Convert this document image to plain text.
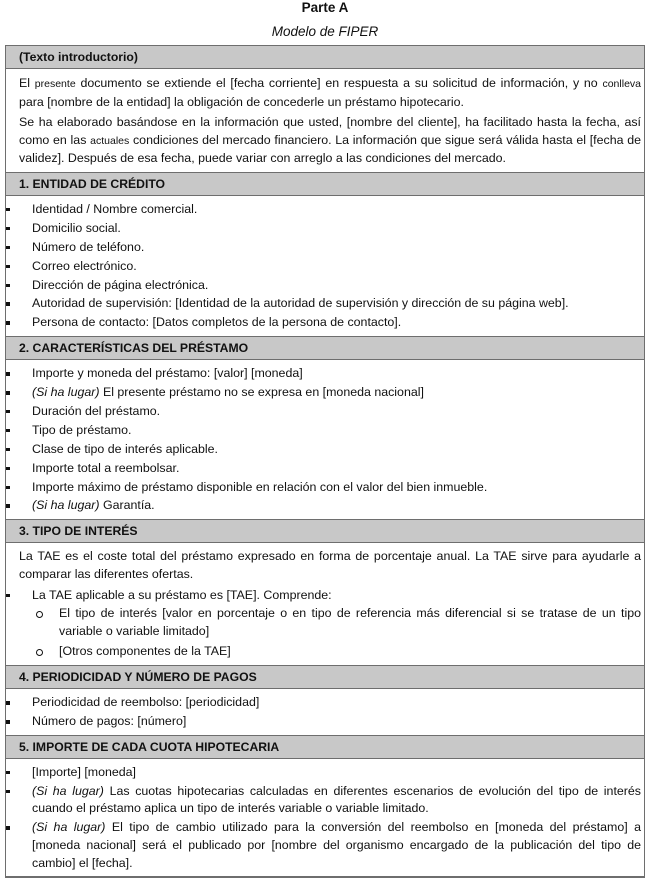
Parte A
Modelo de FIPER
(Texto introductorio)
El presente documento se extiende el [fecha corriente] en respuesta a su solicitud de información, y no conlleva para [nombre de la entidad] la obligación de concederle un préstamo hipotecario.
Se ha elaborado basándose en la información que usted, [nombre del cliente], ha facilitado hasta la fecha, así como en las actuales condiciones del mercado financiero. La información que sigue será válida hasta el [fecha de validez]. Después de esa fecha, puede variar con arreglo a las condiciones del mercado.
1. ENTIDAD DE CRÉDITO
Identidad / Nombre comercial.
Domicilio social.
Número de teléfono.
Correo electrónico.
Dirección de página electrónica.
Autoridad de supervisión: [Identidad de la autoridad de supervisión y dirección de su página web].
Persona de contacto: [Datos completos de la persona de contacto].
2. CARACTERÍSTICAS DEL PRÉSTAMO
Importe y moneda del préstamo: [valor] [moneda]
(Si ha lugar) El presente préstamo no se expresa en [moneda nacional]
Duración del préstamo.
Tipo de préstamo.
Clase de tipo de interés aplicable.
Importe total a reembolsar.
Importe máximo de préstamo disponible en relación con el valor del bien inmueble.
(Si ha lugar) Garantía.
3. TIPO DE INTERÉS
La TAE es el coste total del préstamo expresado en forma de porcentaje anual. La TAE sirve para ayudarle a comparar las diferentes ofertas.
La TAE aplicable a su préstamo es [TAE]. Comprende:
El tipo de interés [valor en porcentaje o en tipo de referencia más diferencial si se tratase de un tipo variable o variable limitado]
[Otros componentes de la TAE]
4. PERIODICIDAD Y NÚMERO DE PAGOS
Periodicidad de reembolso: [periodicidad]
Número de pagos: [número]
5. IMPORTE DE CADA CUOTA HIPOTECARIA
[Importe] [moneda]
(Si ha lugar) Las cuotas hipotecarias calculadas en diferentes escenarios de evolución del tipo de interés cuando el préstamo aplica un tipo de interés variable o variable limitado.
(Si ha lugar) El tipo de cambio utilizado para la conversión del reembolso en [moneda del préstamo] a [moneda nacional] será el publicado por [nombre del organismo encargado de la publicación del tipo de cambio] el [fecha].
